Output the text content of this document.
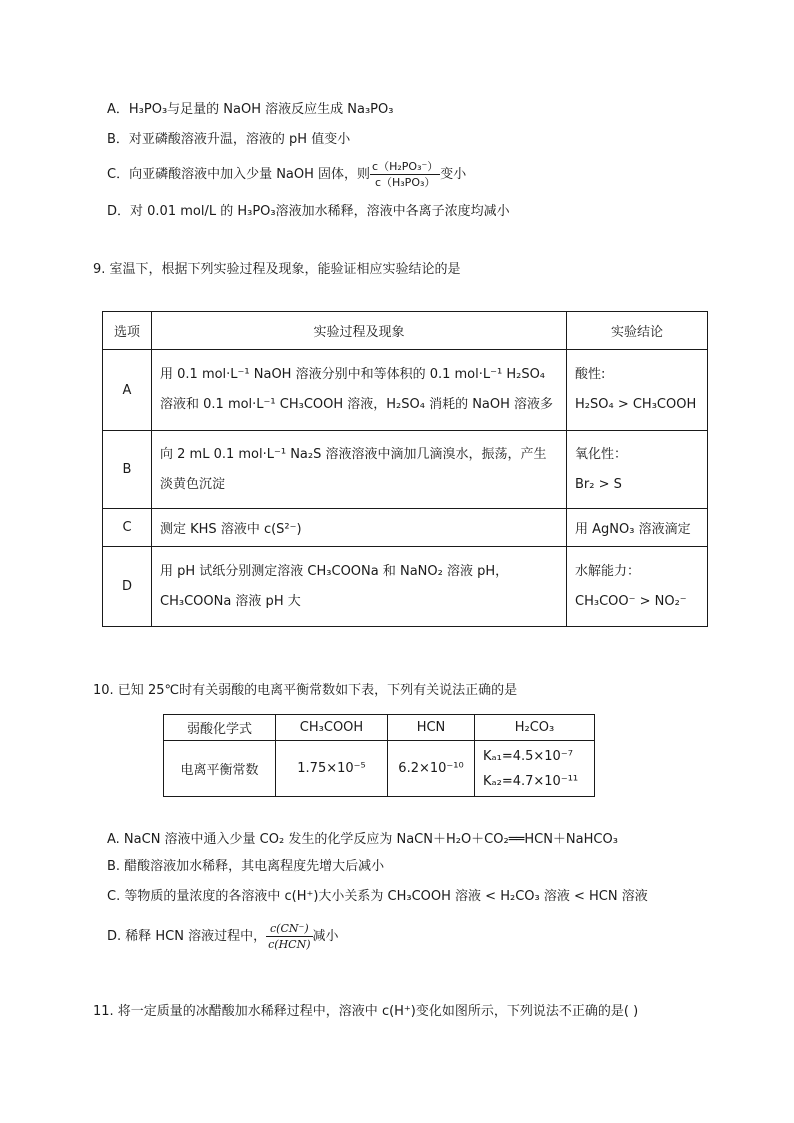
A．H₃PO₃与足量的 NaOH 溶液反应生成 Na₃PO₃
B．对亚磷酸溶液升温，溶液的 pH 值变小
C．向亚磷酸溶液中加入少量 NaOH 固体，则 $\frac{\text{c（H₂PO₃⁻）}}{\text{c（H₃PO₃）}}$ 变小
D．对 0.01 mol/L 的 H₃PO₃溶液加水稀释，溶液中各离子浓度均减小
9. 室温下，根据下列实验过程及现象，能验证相应实验结论的是
选项	实验过程及现象	实验结论
A	用 0.1 mol·L⁻¹ NaOH 溶液分别中和等体积的 0.1 mol·L⁻¹ H₂SO₄
溶液和 0.1 mol·L⁻¹ CH₃COOH 溶液，H₂SO₄ 消耗的 NaOH 溶液多	酸性:
H₂SO₄ > CH₃COOH

B	向 2 mL 0.1 mol·L⁻¹ Na₂S 溶液溶液中滴加几滴溴水，振荡，产生
淡黄色沉淀	氧化性：
Br₂ > S

C	测定 KHS 溶液中 c(S²⁻)	用 AgNO₃ 溶液滴定
D	用 pH 试纸分别测定溶液 CH₃COONa 和 NaNO₂ 溶液 pH，
CH₃COONa 溶液 pH 大	水解能力：
CH₃COO⁻ > NO₂⁻
10. 已知 25℃时有关弱酸的电离平衡常数如下表，下列有关说法正确的是
弱酸化学式	CH₃COOH	HCN	H₂CO₃
电离平衡常数	1.75×10⁻⁵	6.2×10⁻¹⁰	Kₐ₁=4.5×10⁻⁷
Kₐ₂=4.7×10⁻¹¹
A. NaCN 溶液中通入少量 CO₂ 发生的化学反应为 NaCN＋H₂O＋CO₂══HCN＋NaHCO₃
B. 醋酸溶液加水稀释，其电离程度先增大后减小
C. 等物质的量浓度的各溶液中 c(H⁺)大小关系为 CH₃COOH 溶液 < H₂CO₃ 溶液 < HCN 溶液
D. 稀释 HCN 溶液过程中， $\frac{c(CN^-)}{\text{c(HCN)}}$ 减小
11. 将一定质量的冰醋酸加水稀释过程中，溶液中 c(H⁺)变化如图所示，下列说法不正确的是( )
